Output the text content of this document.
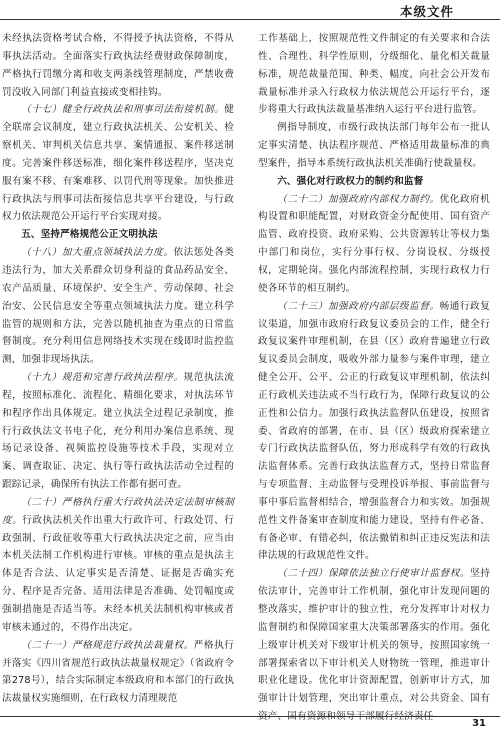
本级文件

未经执法资格考试合格，不得授予执法资格，不得从事执法活动。全面落实行政执法经费财政保障制度，严格执行罚缴分离和收支两条线管理制度，严禁收费罚没收入同部门利益直接或变相挂钩。

（十七）健全行政执法和刑事司法衔接机制。健全联席会议制度，建立行政执法机关、公安机关、检察机关、审判机关信息共享、案情通报、案件移送制度。完善案件移送标准，细化案件移送程序，坚决克服有案不移、有案难移、以罚代刑等现象。加快推进行政执法与刑事司法衔接信息共享平台建设，与行政权力依法规范公开运行平台实现对接。

五、坚持严格规范公正文明执法

（十八）加大重点领域执法力度。依法惩处各类违法行为，加大关系群众切身利益的食品药品安全、农产品质量、环境保护、安全生产、劳动保障、社会治安、公民信息安全等重点领域执法力度。建立科学监管的规则和方法，完善以随机抽查为重点的日常监督制度。充分利用信息网络技术实现在线即时监控监测，加强非现场执法。

（十九）规范和完善行政执法程序。规范执法流程，按照标准化、流程化、精细化要求，对执法环节和程序作出具体规定。建立执法全过程记录制度，推行行政执法文书电子化，充分利用办案信息系统、现场记录设备、视频监控设施等技术手段，实现对立案、调查取证、决定、执行等行政执法活动全过程的跟踪记录，确保所有执法工作都有据可查。

（二十）严格执行重大行政执法决定法制审核制度。行政执法机关作出重大行政许可、行政处罚、行政强制、行政征收等重大行政执法决定之前，应当由本机关法制工作机构进行审核。审核的重点是执法主体是否合法、认定事实是否清楚、证据是否确实充分、程序是否完备、适用法律是否准确、处罚幅度或强制措施是否适当等。未经本机关法制机构审核或者审核未通过的，不得作出决定。

（二十一）严格规范行政执法裁量权。严格执行并落实《四川省规范行政执法裁量权规定》（省政府令第278号），结合实际制定本级政府和本部门的行政执法裁量权实施细则，在行政权力清理规范

工作基础上，按照规范性文件制定的有关要求和合法性、合理性、科学性原则，分级细化、量化相关裁量标准，规范裁量范围、种类、幅度，向社会公开发布裁量标准并录入行政权力依法规范公开运行平台，逐步将重大行政执法裁量基准纳入运行平台进行监管。

例指导制度，市级行政执法部门每年公布一批认定事实清楚、执法程序规范、严格适用裁量标准的典型案件，指导本系统行政执法机关准确行使裁量权。

六、强化对行政权力的制约和监督

（二十二）加强政府内部权力制约。优化政府机构设置和职能配置，对财政资金分配使用、国有资产监管、政府投资、政府采购、公共资源转让等权力集中部门和岗位，实行分事行权、分岗设权、分级授权，定期轮岗。强化内部流程控制，实现行政权力行使各环节的相互制约。

（二十三）加强政府内部层级监督。畅通行政复议渠道，加强市政府行政复议委员会的工作，健全行政复议案件审理机制，在县（区）政府普遍建立行政复议委员会制度，吸收外部力量参与案件审理，建立健全公开、公平、公正的行政复议审理机制，依法纠正行政机关违法或不当行政行为，保障行政复议的公正性和公信力。加强行政执法监督队伍建设，按照省委、省政府的部署，在市、县（区）级政府探索建立专门行政执法监督队伍，努力形成科学有效的行政执法监督体系。完善行政执法监督方式，坚持日常监督与专项监督、主动监督与受理投诉举报、事前监督与事中事后监督相结合，增强监督合力和实效。加强规范性文件备案审查制度和能力建设，坚持有件必备、有备必审、有错必纠，依法撤销和纠正违反宪法和法律法规的行政规范性文件。

（二十四）保障依法独立行使审计监督权。坚持依法审计，完善审计工作机制，强化审计发现问题的整改落实，维护审计的独立性，充分发挥审计对权力监督制约和保障国家重大决策部署落实的作用。强化上级审计机关对下级审计机关的领导，按照国家统一部署探索省以下审计机关人财物统一管理，推进审计职业化建设。优化审计资源配置，创新审计方式，加强审计计划管理，突出审计重点，对公共资金、国有资产、国有资源和领导干部履行经济责任

31
